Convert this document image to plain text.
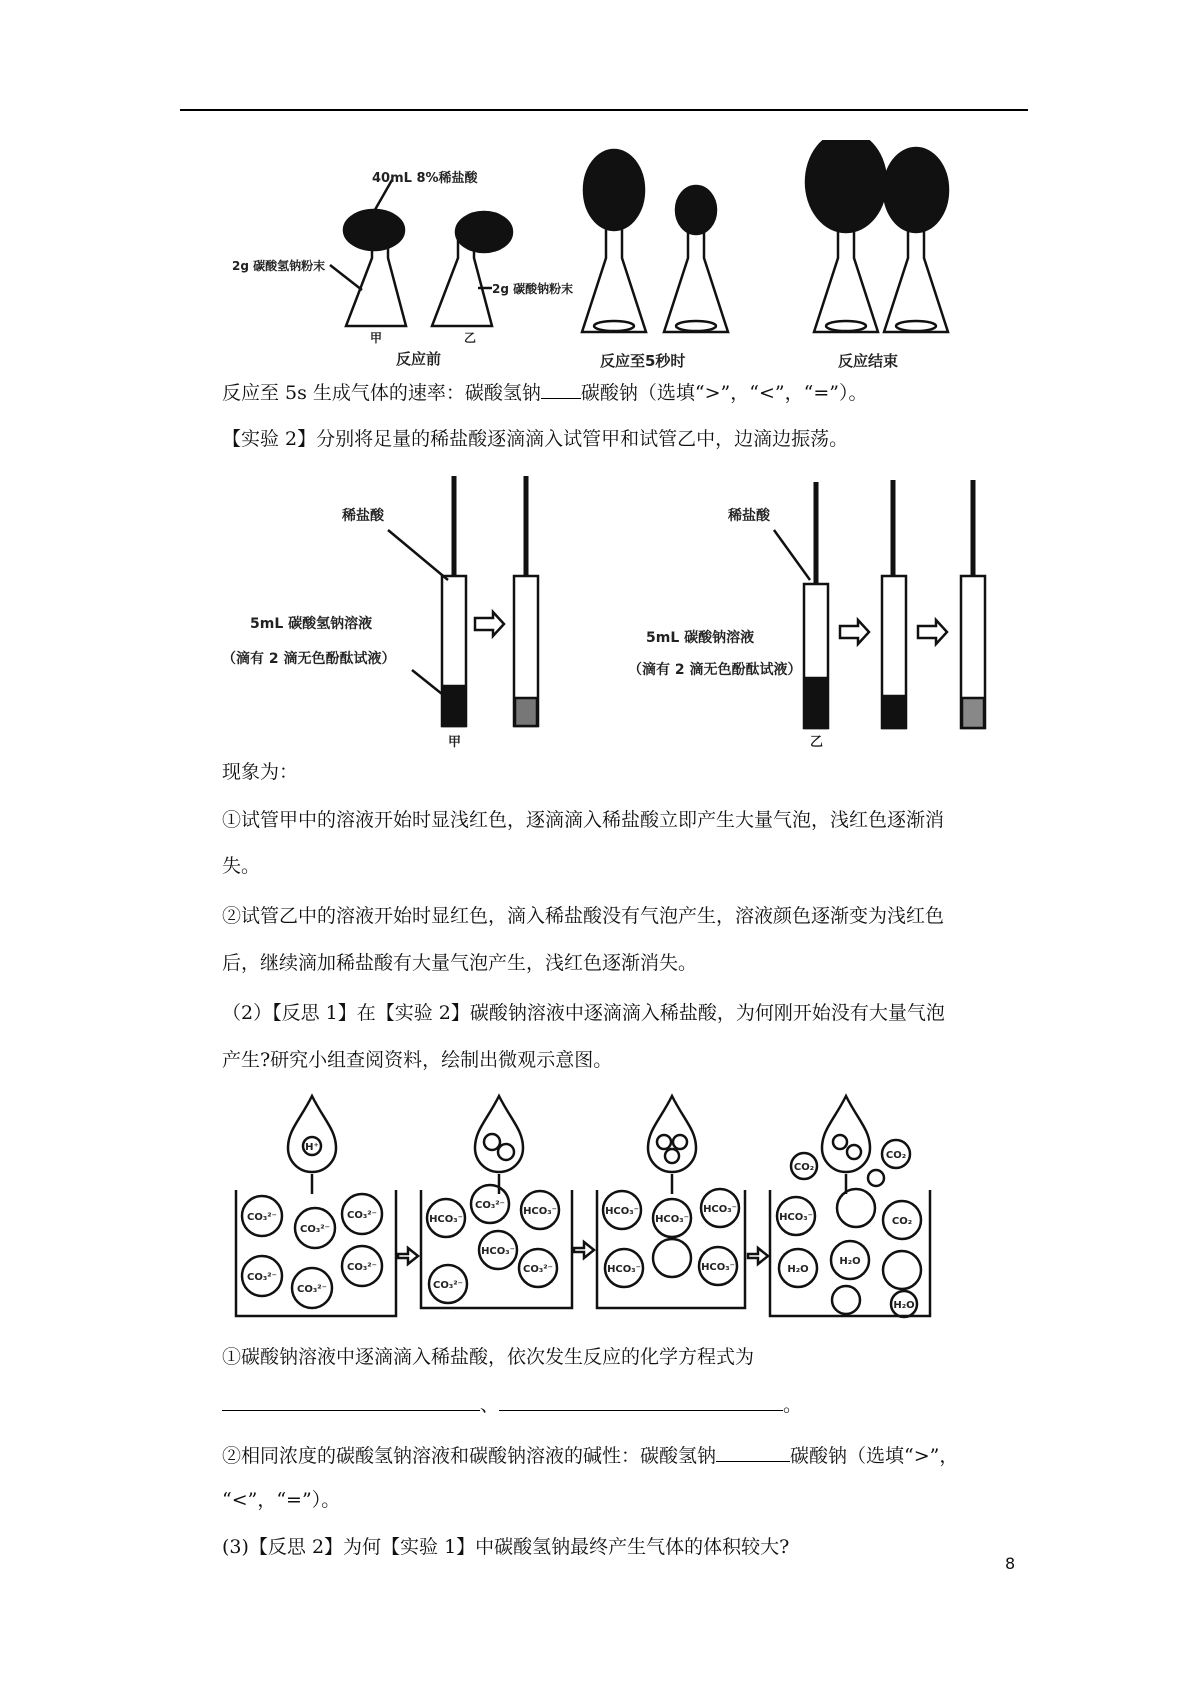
40mL 8%稀盐酸
2g 碳酸氢钠粉末
2g 碳酸钠粉末
甲	乙
反应前	反应至5秒时	反应结束
反应至 5s 生成气体的速率：碳酸氢钠 碳酸钠（选填“>”，“<”，“=”）。
【实验 2】分别将足量的稀盐酸逐滴滴入试管甲和试管乙中，边滴边振荡。
稀盐酸
5mL 碳酸氢钠溶液
（滴有 2 滴无色酚酞试液）
甲
稀盐酸
5mL 碳酸钠溶液
（滴有 2 滴无色酚酞试液）
乙
现象为：
①试管甲中的溶液开始时显浅红色，逐滴滴入稀盐酸立即产生大量气泡，浅红色逐渐消
失。
②试管乙中的溶液开始时显红色，滴入稀盐酸没有气泡产生，溶液颜色逐渐变为浅红色
后，继续滴加稀盐酸有大量气泡产生，浅红色逐渐消失。
（2）【反思 1】在【实验 2】碳酸钠溶液中逐滴滴入稀盐酸，为何刚开始没有大量气泡
产生?研究小组查阅资料，绘制出微观示意图。
H⁺
CO₃²⁻
CO₃²⁻
CO₃²⁻
CO₃²⁻
CO₃²⁻
CO₃²⁻
HCO₃⁻
CO₃²⁻
HCO₃⁻
HCO₃⁻
CO₃²⁻
CO₃²⁻
HCO₃⁻
HCO₃⁻
HCO₃⁻
HCO₃⁻	HCO₃⁻
CO₂
CO₂
HCO₃⁻	CO₂
H₂O
H₂O
H₂O
①碳酸钠溶液中逐滴滴入稀盐酸，依次发生反应的化学方程式为
、	。
②相同浓度的碳酸氢钠溶液和碳酸钠溶液的碱性：碳酸氢钠	碳酸钠（选填“>”，
“<”，“=”）。
(3)【反思 2】为何【实验 1】中碳酸氢钠最终产生气体的体积较大?
8
